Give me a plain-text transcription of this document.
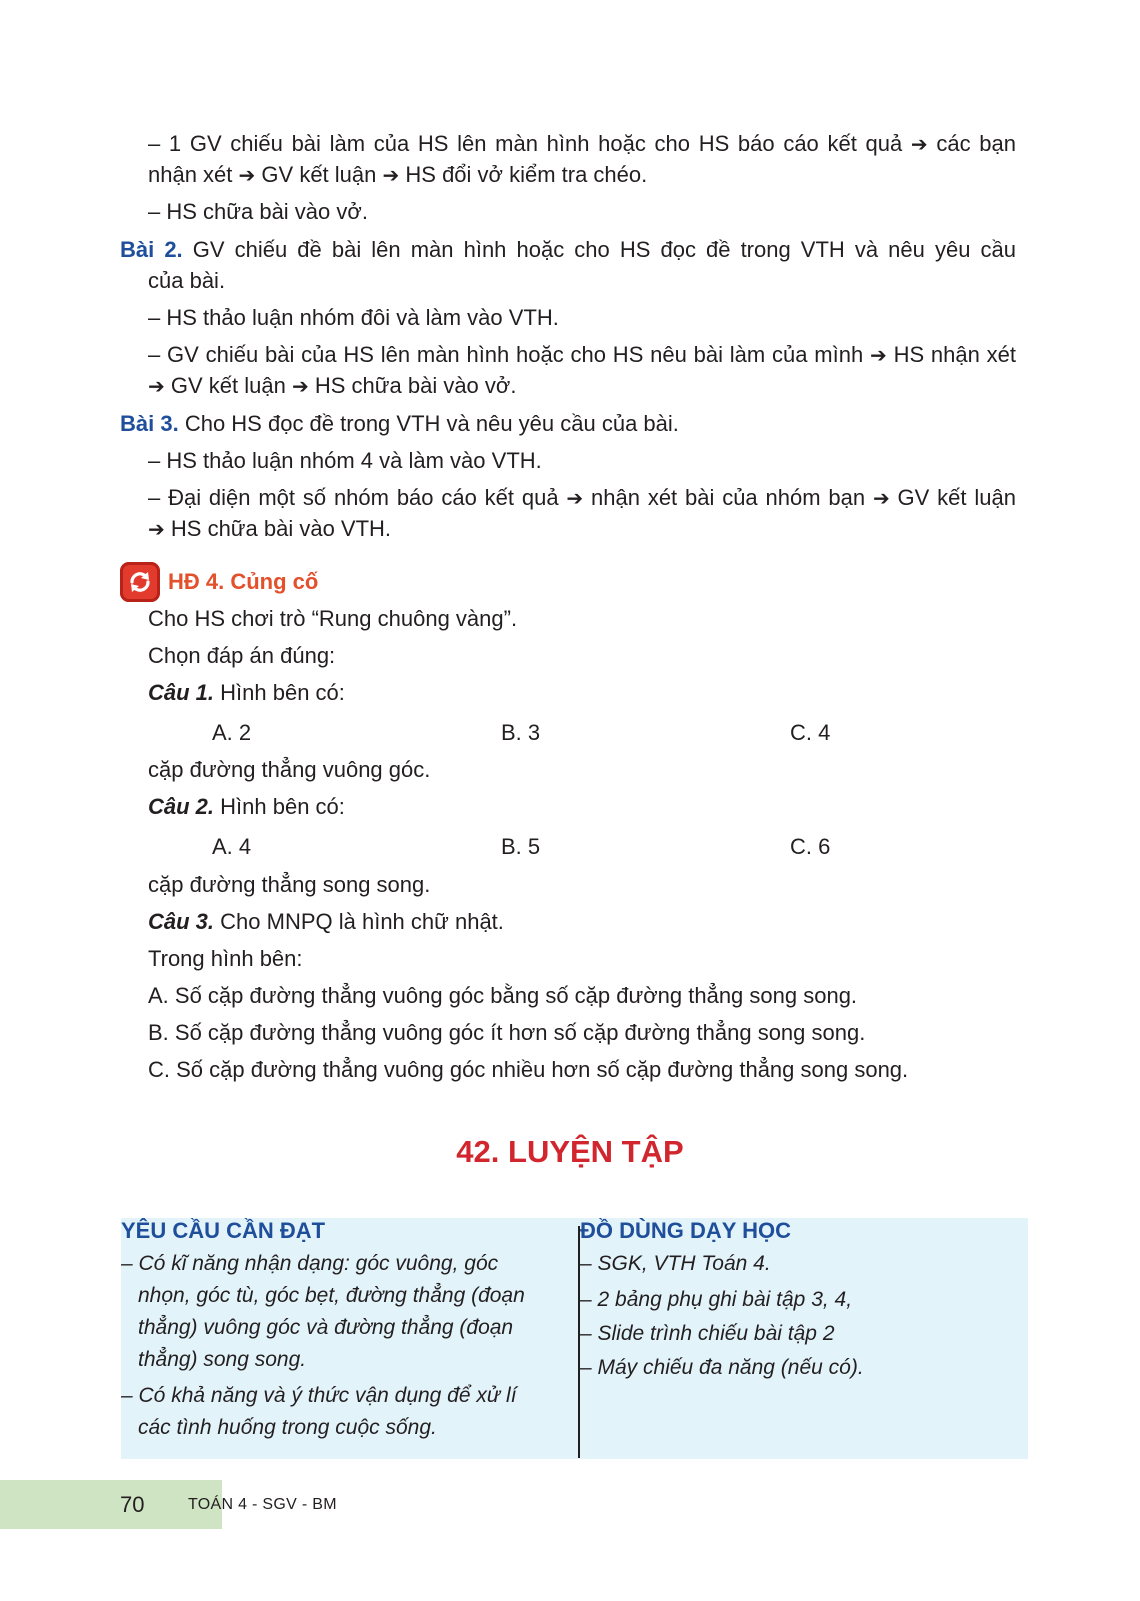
– 1 GV chiếu bài làm của HS lên màn hình hoặc cho HS báo cáo kết quả ➔ các bạn
nhận xét ➔ GV kết luận ➔ HS đổi vở kiểm tra chéo.
– HS chữa bài vào vở.
Bài 2. GV chiếu đề bài lên màn hình hoặc cho HS đọc đề trong VTH và nêu yêu cầu
của bài.
– HS thảo luận nhóm đôi và làm vào VTH.
– GV chiếu bài của HS lên màn hình hoặc cho HS nêu bài làm của mình ➔ HS nhận xét
➔ GV kết luận ➔ HS chữa bài vào vở.
Bài 3. Cho HS đọc đề trong VTH và nêu yêu cầu của bài.
– HS thảo luận nhóm 4 và làm vào VTH.
– Đại diện một số nhóm báo cáo kết quả ➔ nhận xét bài của nhóm bạn ➔ GV kết luận
➔ HS chữa bài vào VTH.
HĐ 4. Củng cố
Cho HS chơi trò “Rung chuông vàng”.
Chọn đáp án đúng:
Câu 1. Hình bên có:
A. 2	B. 3	C. 4
cặp đường thẳng vuông góc.
Câu 2. Hình bên có:
A. 4	B. 5	C. 6
cặp đường thẳng song song.
Câu 3. Cho MNPQ là hình chữ nhật.
Trong hình bên:
A. Số cặp đường thẳng vuông góc bằng số cặp đường thẳng song song.
B. Số cặp đường thẳng vuông góc ít hơn số cặp đường thẳng song song.
C. Số cặp đường thẳng vuông góc nhiều hơn số cặp đường thẳng song song.
42. LUYỆN TẬP
YÊU CẦU CẦN ĐẠT
– Có kĩ năng nhận dạng: góc vuông, góc
nhọn, góc tù, góc bẹt, đường thẳng (đoạn
thẳng) vuông góc và đường thẳng (đoạn
thẳng) song song.
– Có khả năng và ý thức vận dụng để xử lí
các tình huống trong cuộc sống.
ĐỒ DÙNG DẠY HỌC
– SGK, VTH Toán 4.
– 2 bảng phụ ghi bài tập 3, 4,
– Slide trình chiếu bài tập 2
– Máy chiếu đa năng (nếu có).
70	TOÁN 4 - SGV - BM
